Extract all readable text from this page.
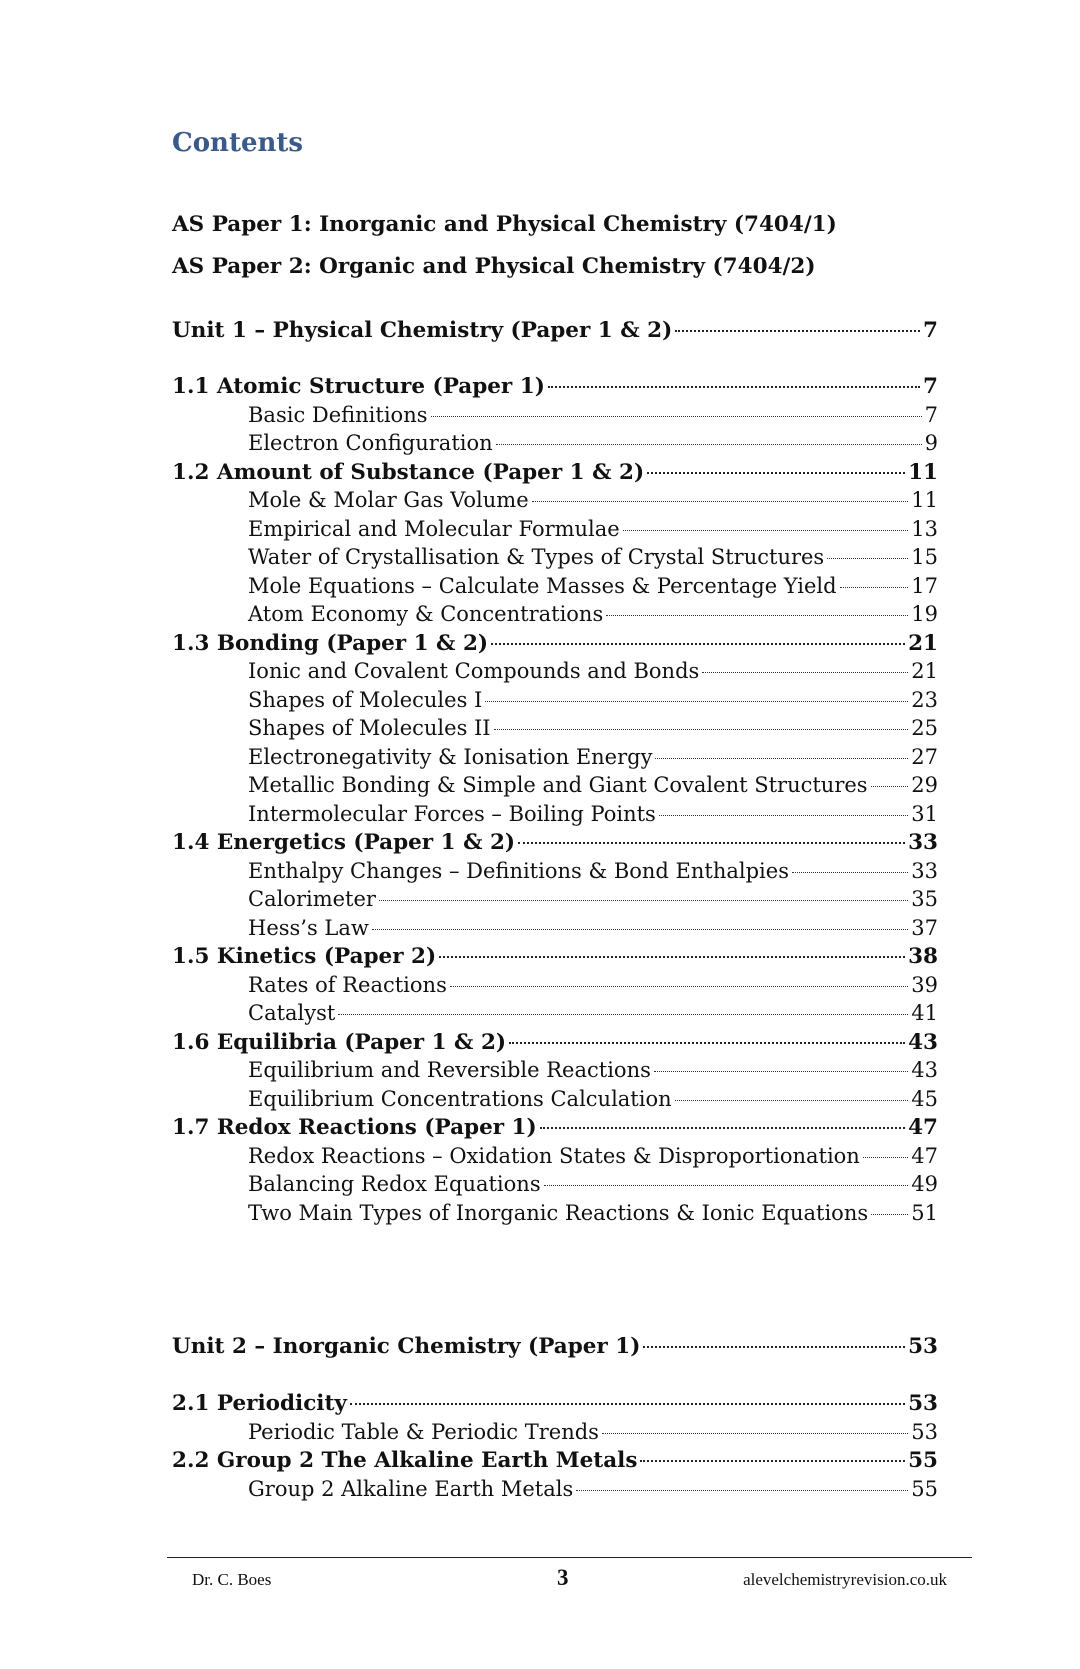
Contents
AS Paper 1: Inorganic and Physical Chemistry (7404/1)
AS Paper 2: Organic and Physical Chemistry (7404/2)
Unit 1 – Physical Chemistry (Paper 1 & 2)	7
1.1 Atomic Structure (Paper 1)	7
Basic Definitions	7
Electron Configuration	9
1.2 Amount of Substance (Paper 1 & 2)	11
Mole & Molar Gas Volume	11
Empirical and Molecular Formulae	13
Water of Crystallisation & Types of Crystal Structures	15
Mole Equations – Calculate Masses & Percentage Yield	17
Atom Economy & Concentrations	19
1.3 Bonding (Paper 1 & 2)	21
Ionic and Covalent Compounds and Bonds	21
Shapes of Molecules I	23
Shapes of Molecules II	25
Electronegativity & Ionisation Energy	27
Metallic Bonding & Simple and Giant Covalent Structures 29
Intermolecular Forces – Boiling Points	31
1.4 Energetics (Paper 1 & 2)	33
Enthalpy Changes – Definitions & Bond Enthalpies	33
Calorimeter	35
Hess’s Law	37
1.5 Kinetics (Paper 2)	38
Rates of Reactions	39
Catalyst	41
1.6 Equilibria (Paper 1 & 2)	43
Equilibrium and Reversible Reactions	43
Equilibrium Concentrations Calculation	45
1.7 Redox Reactions (Paper 1)	47
Redox Reactions – Oxidation States & Disproportionation 47
Balancing Redox Equations	49
Two Main Types of Inorganic Reactions & Ionic Equations 51
Unit 2 – Inorganic Chemistry (Paper 1)	53
2.1 Periodicity	53
Periodic Table & Periodic Trends	53
2.2 Group 2 The Alkaline Earth Metals	55
Group 2 Alkaline Earth Metals	55
Dr. C. Boes	3	alevelchemistryrevision.co.uk
